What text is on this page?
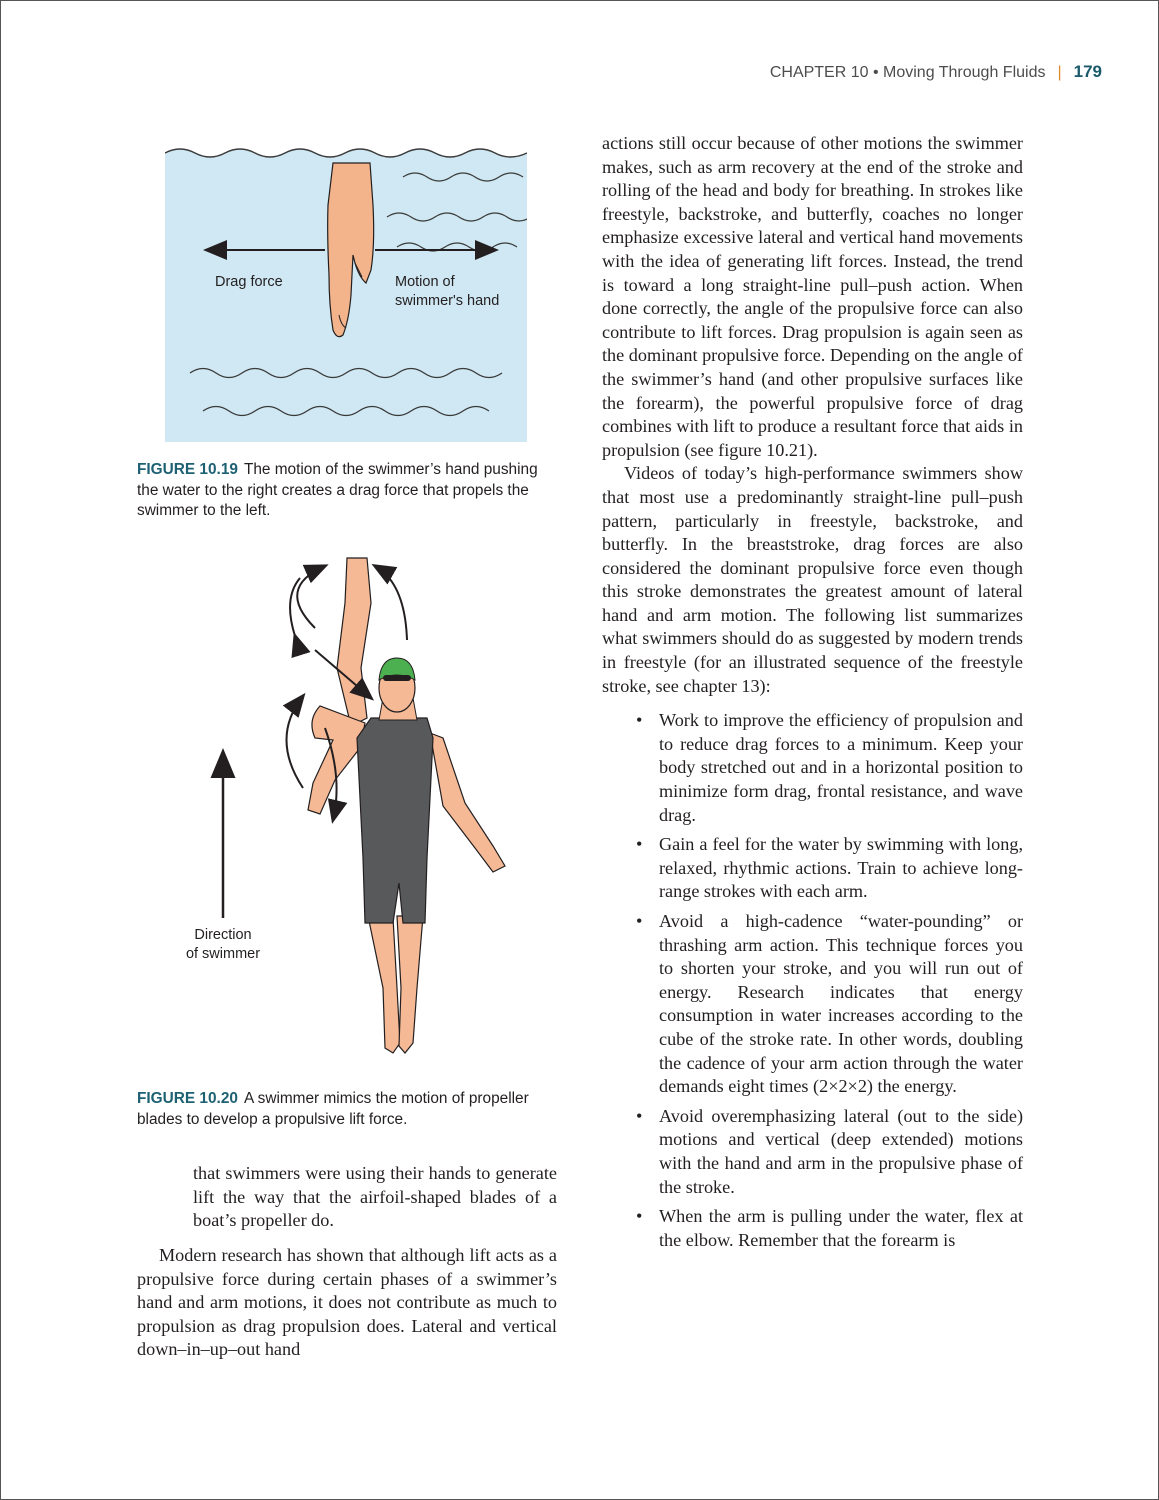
CHAPTER 10 • Moving Through Fluids | 179
Drag force	Motion of
swimmer's hand
FIGURE 10.19 The motion of the swimmer’s hand pushing the water to the right creates a drag force that propels the swimmer to the left.
Direction
of swimmer
FIGURE 10.20 A swimmer mimics the motion of propeller blades to develop a propulsive lift force.
that swimmers were using their hands to generate lift the way that the airfoil-shaped blades of a boat’s propeller do.
Modern research has shown that although lift acts as a propulsive force during certain phases of a swimmer’s hand and arm motions, it does not contribute as much to propulsion as drag propulsion does. Lateral and vertical down–in–up–out hand

actions still occur because of other motions the swimmer makes, such as arm recovery at the end of the stroke and rolling of the head and body for breathing. In strokes like freestyle, backstroke, and butterfly, coaches no longer emphasize excessive lateral and vertical hand movements with the idea of generating lift forces. Instead, the trend is toward a long straight-line pull–push action. When done correctly, the angle of the propulsive force can also contribute to lift forces. Drag propulsion is again seen as the dominant propulsive force. Depending on the angle of the swimmer’s hand (and other propulsive surfaces like the forearm), the powerful propulsive force of drag combines with lift to produce a resultant force that aids in propulsion (see figure 10.21).

Videos of today’s high-performance swimmers show that most use a predominantly straight-line pull–push pattern, particularly in freestyle, backstroke, and butterfly. In the breaststroke, drag forces are also considered the dominant propulsive force even though this stroke demonstrates the greatest amount of lateral hand and arm motion. The following list summarizes what swimmers should do as suggested by modern trends in freestyle (for an illustrated sequence of the freestyle stroke, see chapter 13):

• Work to improve the efficiency of propulsion and to reduce drag forces to a minimum. Keep your body stretched out and in a horizontal position to minimize form drag, frontal resistance, and wave drag.
• Gain a feel for the water by swimming with long, relaxed, rhythmic actions. Train to achieve long-range strokes with each arm.
• Avoid a high-cadence “water-pounding” or thrashing arm action. This technique forces you to shorten your stroke, and you will run out of energy. Research indicates that energy consumption in water increases according to the cube of the stroke rate. In other words, doubling the cadence of your arm action through the water demands eight times (2×2×2) the energy.
• Avoid overemphasizing lateral (out to the side) motions and vertical (deep extended) motions with the hand and arm in the propulsive phase of the stroke.
• When the arm is pulling under the water, flex at the elbow. Remember that the forearm is
